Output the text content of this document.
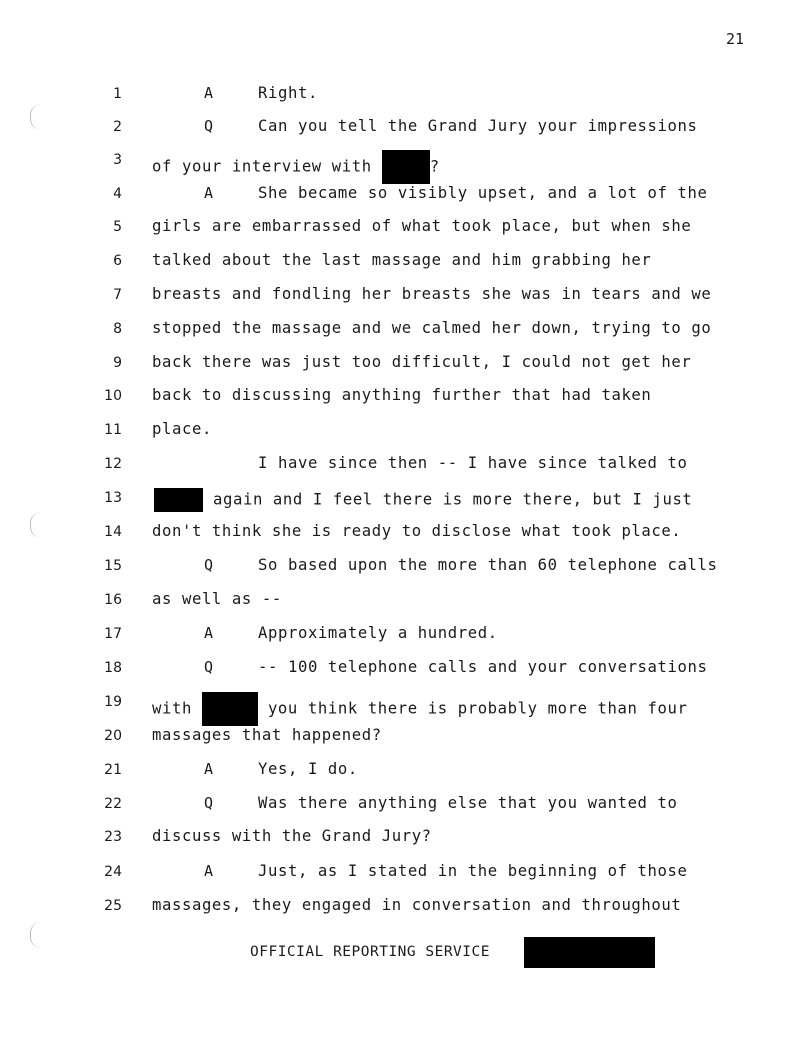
21
1	A	Right.
2	Q	Can you tell the Grand Jury your impressions
3 of your interview with	?
4	A	She became so visibly upset, and a lot of the
5 girls are embarrassed of what took place, but when she
6 talked about the last massage and him grabbing her
7 breasts and fondling her breasts she was in tears and we
8 stopped the massage and we calmed her down, trying to go
9 back there was just too difficult, I could not get her
10 back to discussing anything further that had taken
11 place.
12	I have since then -- I have since talked to
13	again and I feel there is more there, but I just
14 don't think she is ready to disclose what took place.
15	Q	So based upon the more than 60 telephone calls
16 as well as --
17	A	Approximately a hundred.
18	Q	-- 100 telephone calls and your conversations
19 with	you think there is probably more than four
20 massages that happened?
21	A	Yes, I do.
22	Q	Was there anything else that you wanted to
23 discuss with the Grand Jury?
24	A	Just, as I stated in the beginning of those
25 massages, they engaged in conversation and throughout
OFFICIAL REPORTING SERVICE
